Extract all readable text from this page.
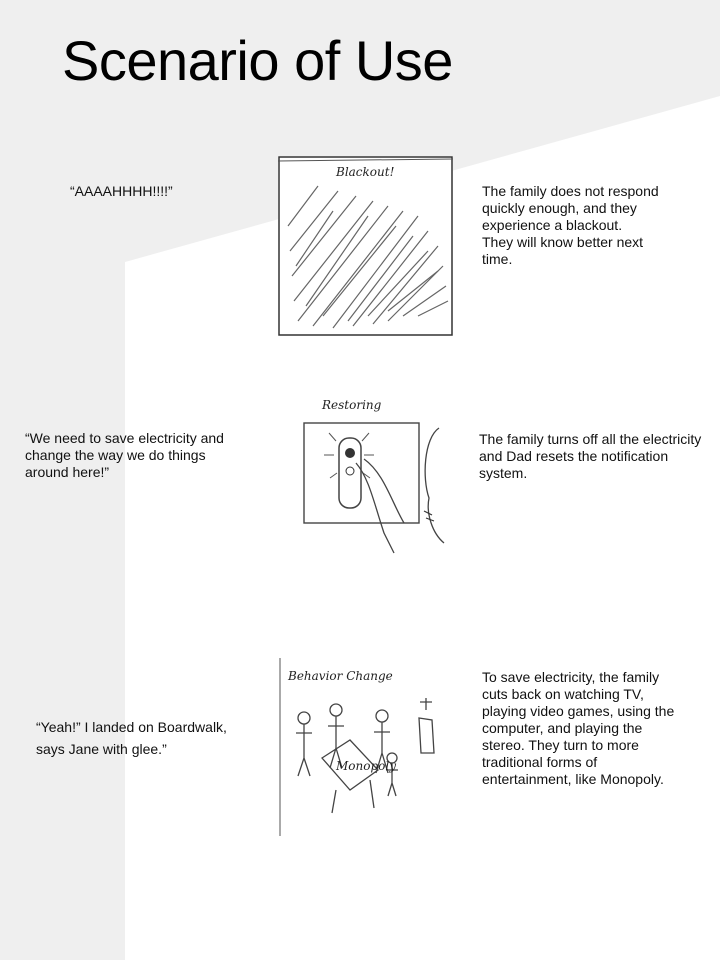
Scenario of Use
“AAAAHHHH!!!!”
Blackout!
The family does not respond
quickly enough, and they
experience a blackout.
They will know better next
time.
“We need to save electricity and
change the way we do things
around here!”
Restoring
The family turns off all the electricity
and Dad resets the notification
system.
“Yeah!” I landed on Boardwalk,
says Jane with glee.”
Behavior Change
Monopoly
To save electricity, the family
cuts back on watching TV,
playing video games, using the
computer, and playing the
stereo. They turn to more
traditional forms of
entertainment, like Monopoly.
